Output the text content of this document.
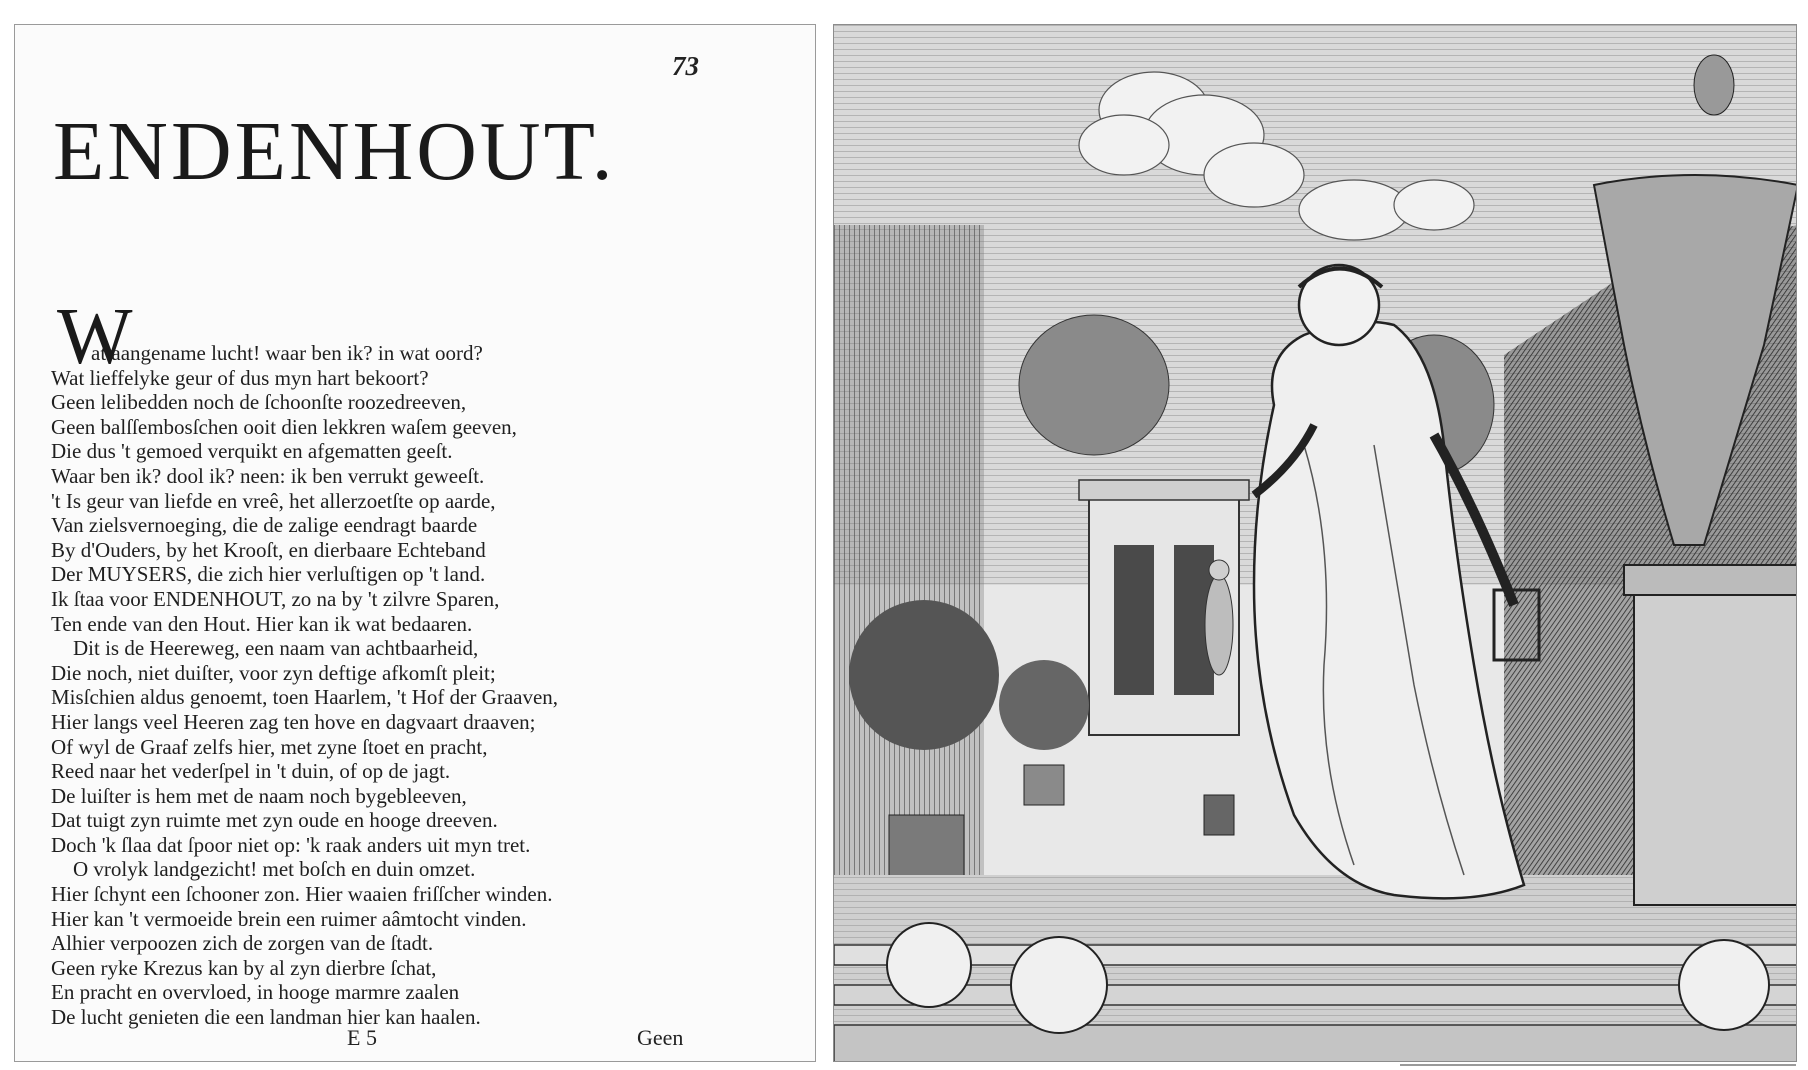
73
ENDENHOUT.
W
at aangename lucht! waar ben ik? in wat oord?
Wat lieffelyke geur of dus myn hart bekoort?
Geen lelibedden noch de ſchoonſte roozedreeven,
Geen balſſembosſchen ooit dien lekkren waſem geeven,
Die dus 't gemoed verquikt en afgematten geeſt.
Waar ben ik? dool ik? neen: ik ben verrukt geweeſt.
't Is geur van liefde en vreê, het allerzoetſte op aarde,
Van zielsvernoeging, die de zalige eendragt baarde
By d'Ouders, by het Krooſt, en dierbaare Echteband
Der MUYSERS, die zich hier verluſtigen op 't land.
Ik ſtaa voor ENDENHOUT, zo na by 't zilvre Sparen,
Ten ende van den Hout. Hier kan ik wat bedaaren.
Dit is de Heereweg, een naam van achtbaarheid,
Die noch, niet duiſter, voor zyn deftige afkomſt pleit;
Misſchien aldus genoemt, toen Haarlem, 't Hof der Graaven,
Hier langs veel Heeren zag ten hove en dagvaart draaven;
Of wyl de Graaf zelfs hier, met zyne ſtoet en pracht,
Reed naar het vederſpel in 't duin, of op de jagt.
De luiſter is hem met de naam noch bygebleeven,
Dat tuigt zyn ruimte met zyn oude en hooge dreeven.
Doch 'k ſlaa dat ſpoor niet op: 'k raak anders uit myn tret.
O vrolyk landgezicht! met boſch en duin omzet.
Hier ſchynt een ſchooner zon. Hier waaien friſſcher winden.
Hier kan 't vermoeide brein een ruimer aâmtocht vinden.
Alhier verpoozen zich de zorgen van de ſtadt.
Geen ryke Krezus kan by al zyn dierbre ſchat,
En pracht en overvloed, in hooge marmre zaalen
De lucht genieten die een landman hier kan haalen.
E 5	Geen
